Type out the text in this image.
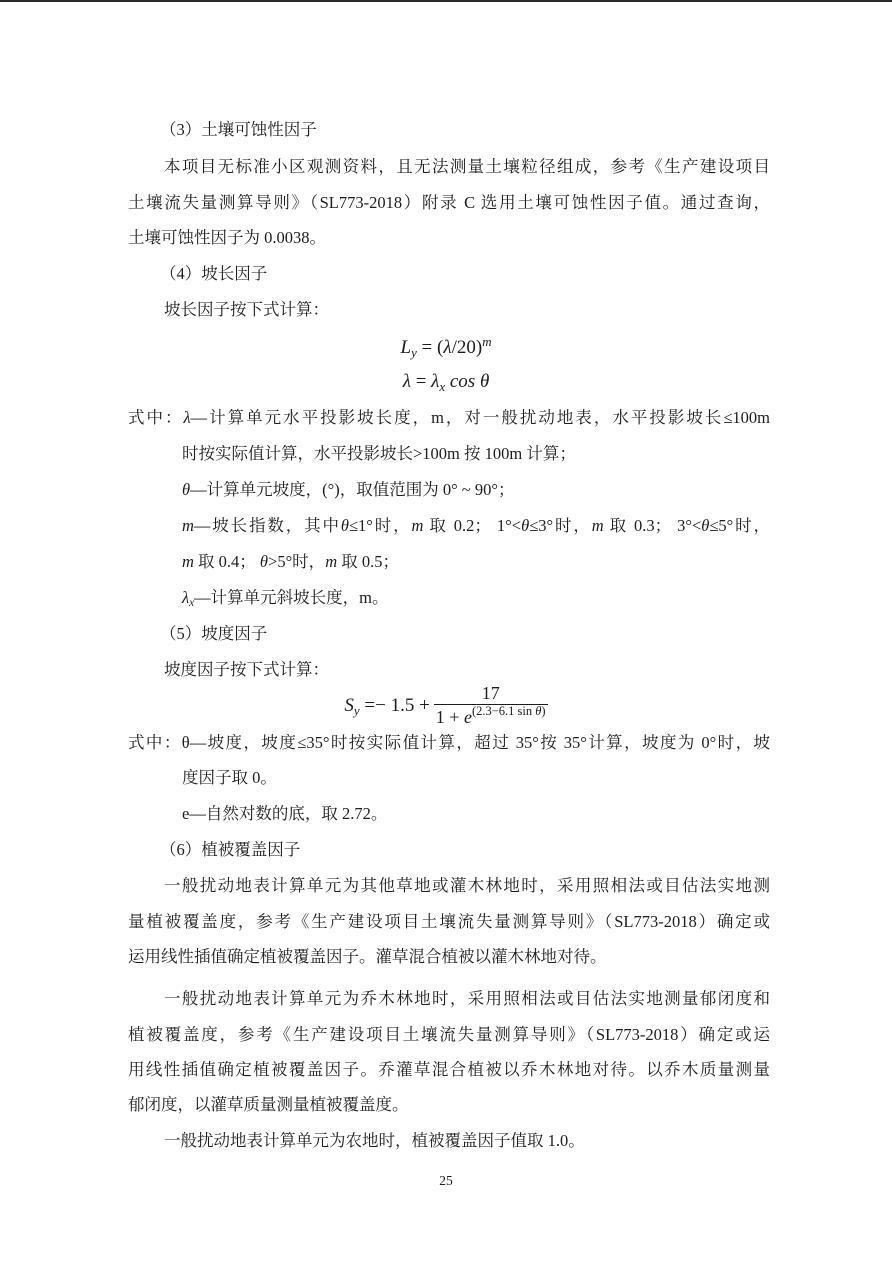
（3）土壤可蚀性因子
本项目无标准小区观测资料，且无法测量土壤粒径组成，参考《生产建设项目
土壤流失量测算导则》（SL773-2018）附录 C 选用土壤可蚀性因子值。通过查询，
土壤可蚀性因子为 0.0038。
（4）坡长因子
坡长因子按下式计算：
$L_y = (\lambda/20)^m$
$\lambda = \lambda_x$ cos θ
式中：λ—计算单元水平投影坡长度，m，对一般扰动地表，水平投影坡长≤100m
时按实际值计算，水平投影坡长>100m 按 100m 计算；
θ—计算单元坡度，(°)，取值范围为 0° ~ 90°；
m—坡长指数，其中θ≤1°时，m 取 0.2； 1°<θ≤3°时，m 取 0.3； 3°<θ≤5°时，
m 取 0.4； θ>5°时，m 取 0.5；
$\lambda_x—$计算单元斜坡长度，m。
（5）坡度因子
坡度因子按下式计算：
$S_y =- 1.5 + \frac{17}{1 + e^{(2.3-6.1 sin \theta)}}$
式中：θ—坡度，坡度≤35°时按实际值计算，超过 35°按 35°计算，坡度为 0°时，坡
度因子取 0。
e—自然对数的底，取 2.72。
（6）植被覆盖因子
一般扰动地表计算单元为其他草地或灌木林地时，采用照相法或目估法实地测
量植被覆盖度，参考《生产建设项目土壤流失量测算导则》（SL773-2018）确定或
运用线性插值确定植被覆盖因子。灌草混合植被以灌木林地对待。
一般扰动地表计算单元为乔木林地时，采用照相法或目估法实地测量郁闭度和
植被覆盖度，参考《生产建设项目土壤流失量测算导则》（SL773-2018）确定或运
用线性插值确定植被覆盖因子。乔灌草混合植被以乔木林地对待。以乔木质量测量
郁闭度，以灌草质量测量植被覆盖度。
一般扰动地表计算单元为农地时，植被覆盖因子值取 1.0。
25
